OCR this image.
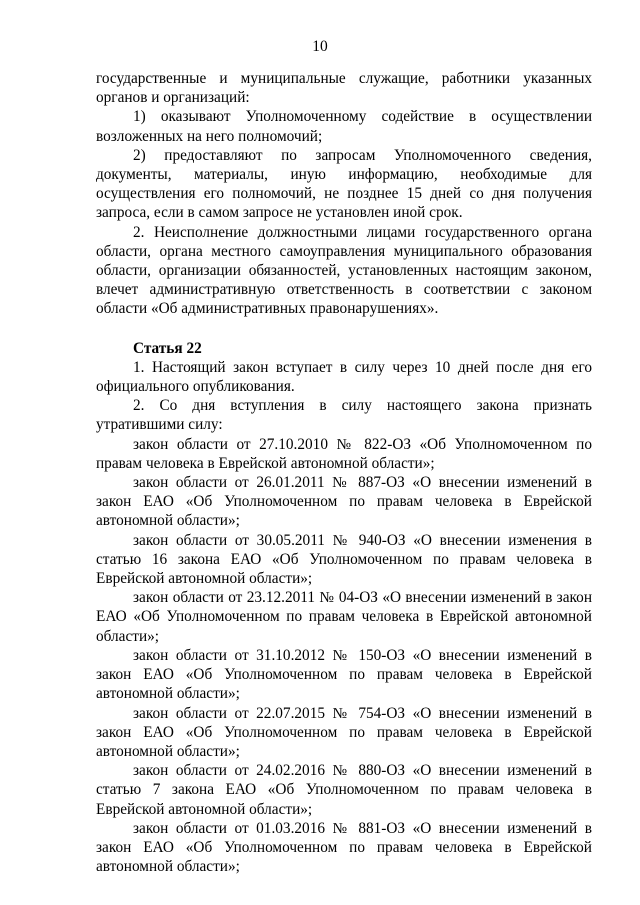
10

государственные и муниципальные служащие, работники указанных органов и организаций:

1) оказывают Уполномоченному содействие в осуществлении возложенных на него полномочий;

2) предоставляют по запросам Уполномоченного сведения, документы, материалы, иную информацию, необходимые для осуществления его полномочий, не позднее 15 дней со дня получения запроса, если в самом запросе не установлен иной срок.

2. Неисполнение должностными лицами государственного органа области, органа местного самоуправления муниципального образования области, организации обязанностей, установленных настоящим законом, влечет административную ответственность в соответствии с законом области «Об административных правонарушениях».

Статья 22

1. Настоящий закон вступает в силу через 10 дней после дня его официального опубликования.

2. Со дня вступления в силу настоящего закона признать утратившими силу:

закон области от 27.10.2010 № 822-ОЗ «Об Уполномоченном по правам человека в Еврейской автономной области»;

закон области от 26.01.2011 № 887-ОЗ «О внесении изменений в закон ЕАО «Об Уполномоченном по правам человека в Еврейской автономной области»;

закон области от 30.05.2011 № 940-ОЗ «О внесении изменения в статью 16 закона ЕАО «Об Уполномоченном по правам человека в Еврейской автономной области»;

закон области от 23.12.2011 № 04-ОЗ «О внесении изменений в закон ЕАО «Об Уполномоченном по правам человека в Еврейской автономной области»;

закон области от 31.10.2012 № 150-ОЗ «О внесении изменений в закон ЕАО «Об Уполномоченном по правам человека в Еврейской автономной области»;

закон области от 22.07.2015 № 754-ОЗ «О внесении изменений в закон ЕАО «Об Уполномоченном по правам человека в Еврейской автономной области»;

закон области от 24.02.2016 № 880-ОЗ «О внесении изменений в статью 7 закона ЕАО «Об Уполномоченном по правам человека в Еврейской автономной области»;

закон области от 01.03.2016 № 881-ОЗ «О внесении изменений в закон ЕАО «Об Уполномоченном по правам человека в Еврейской автономной области»;
